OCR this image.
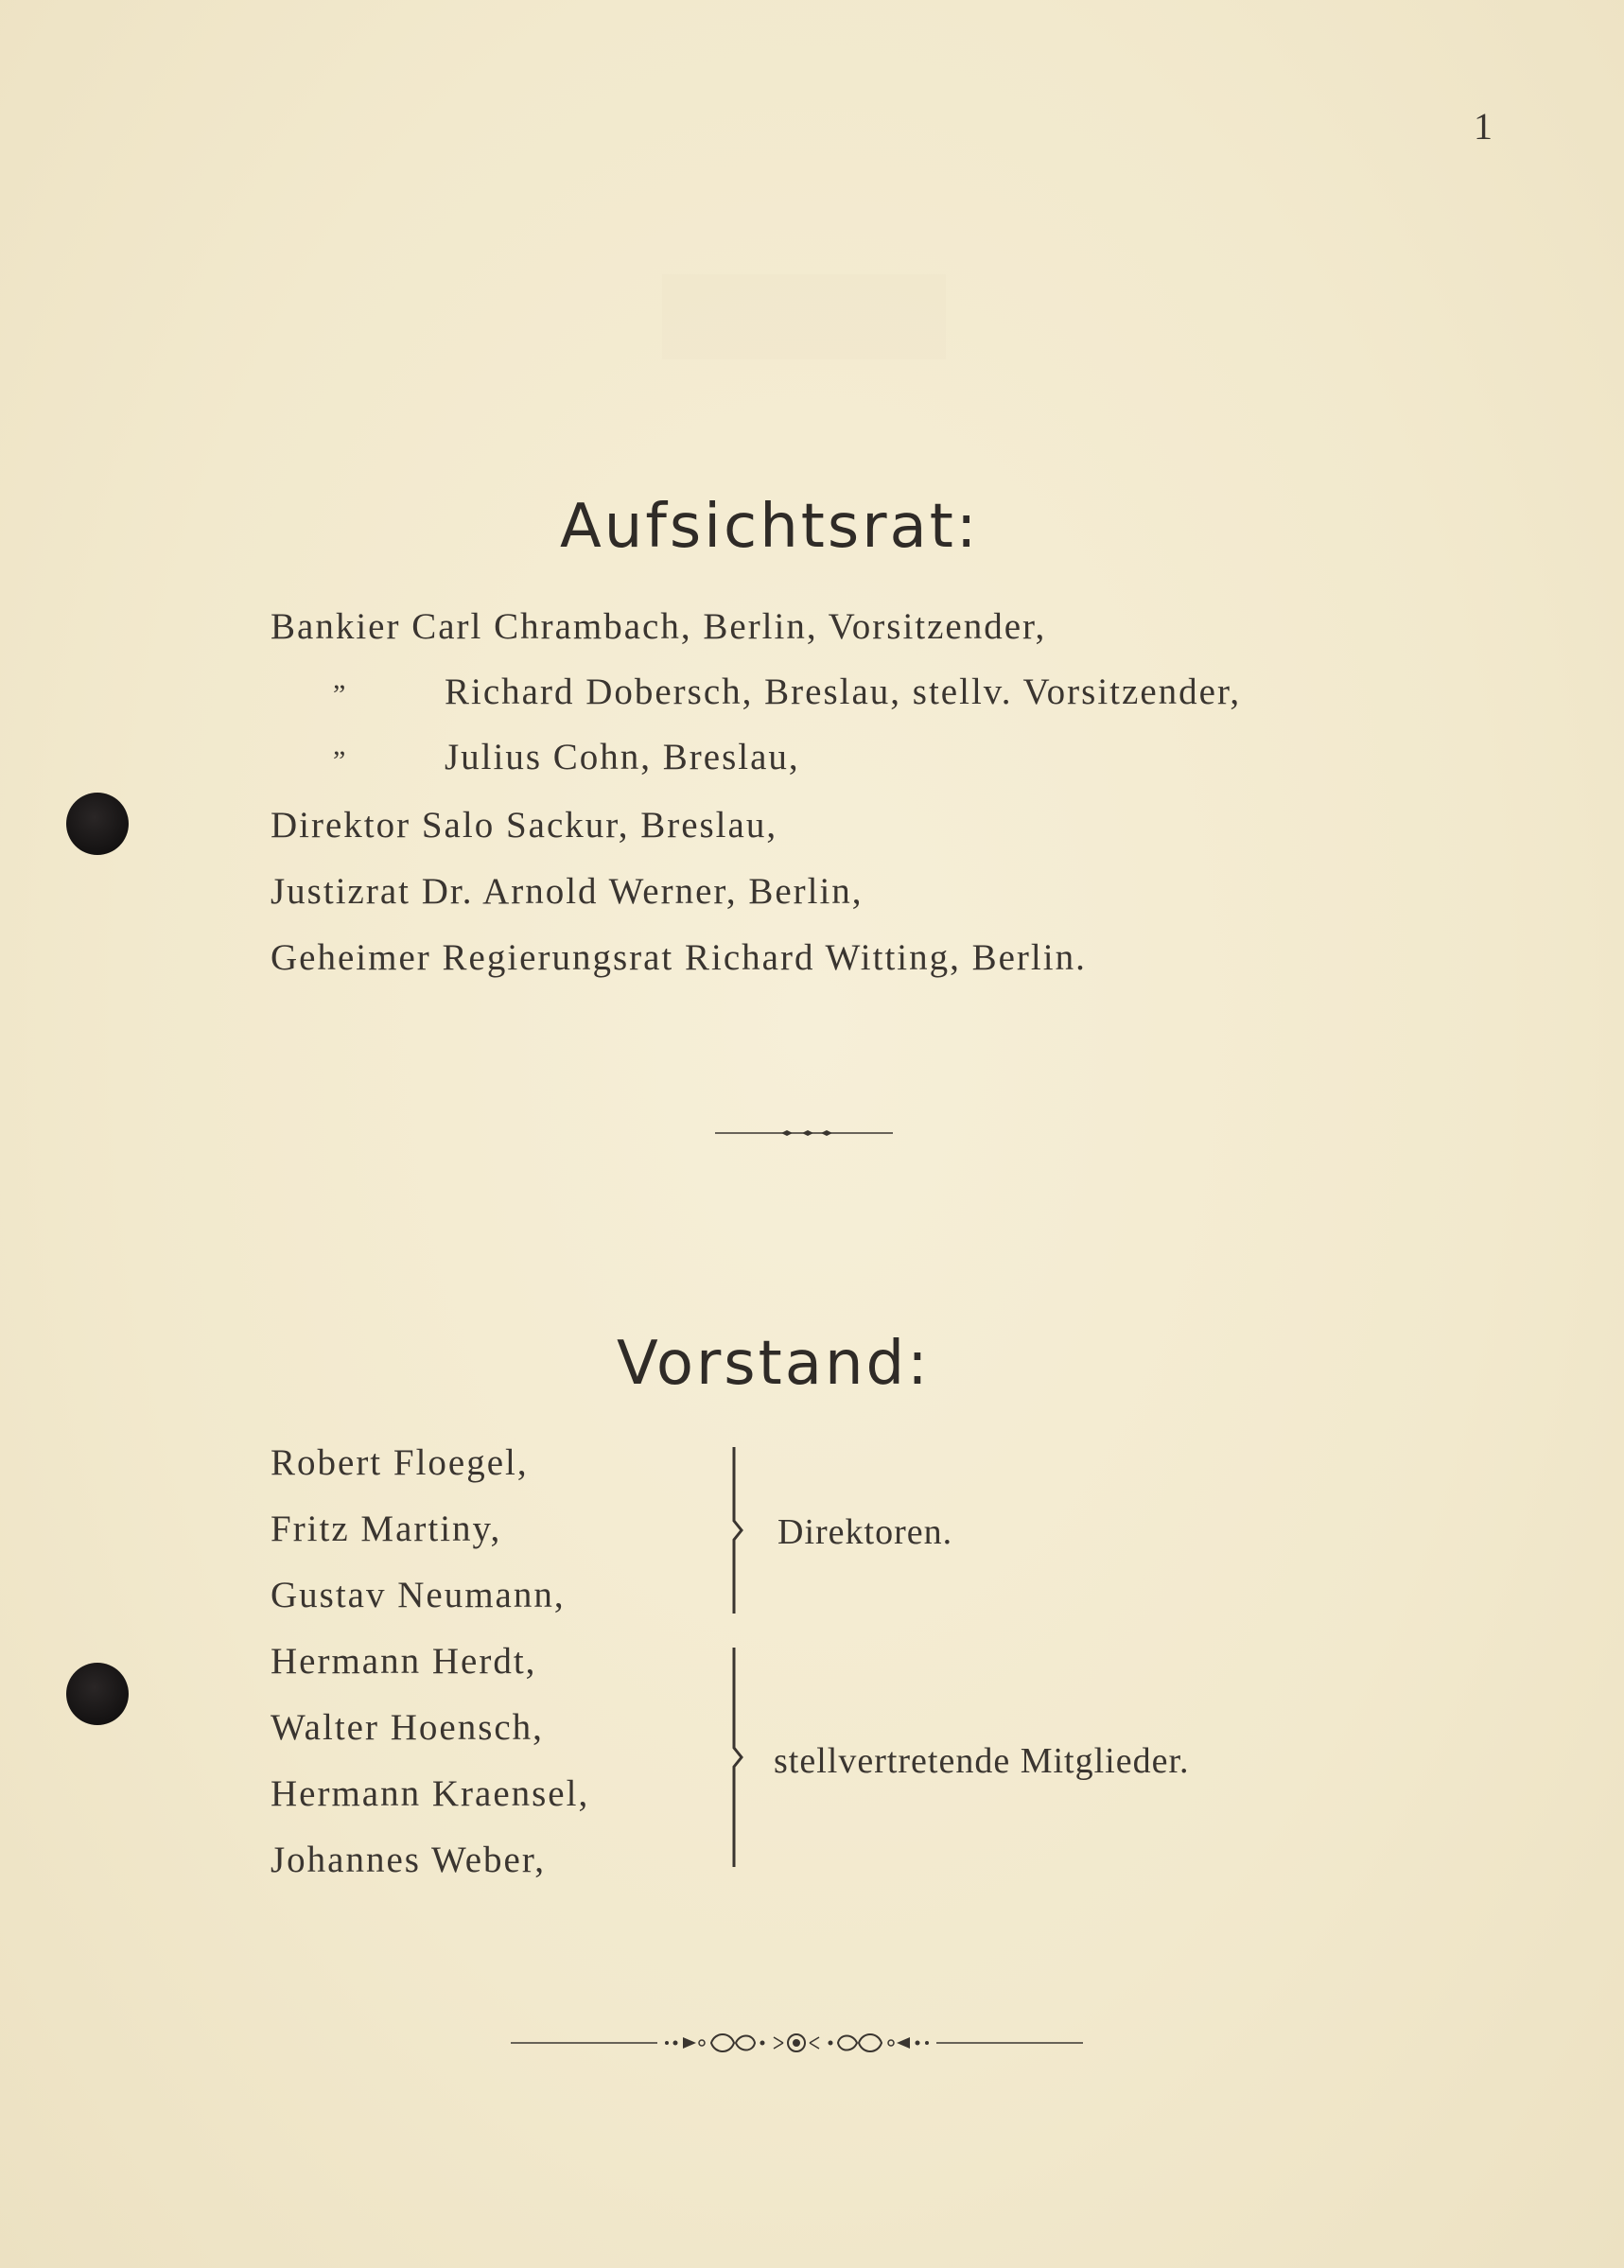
1
Aufsichtsrat:
Bankier Carl Chrambach, Berlin, Vorsitzender,
”	Richard Dobersch, Breslau, stellv. Vorsitzender,
”	Julius Cohn, Breslau,
Direktor Salo Sackur, Breslau,
Justizrat Dr. Arnold Werner, Berlin,
Geheimer Regierungsrat Richard Witting, Berlin.
Vorstand:
Robert Floegel,
Fritz Martiny,
Gustav Neumann,
Direktoren.
Hermann Herdt,
Walter Hoensch,
Hermann Kraensel,
Johannes Weber,
stellvertretende Mitglieder.
